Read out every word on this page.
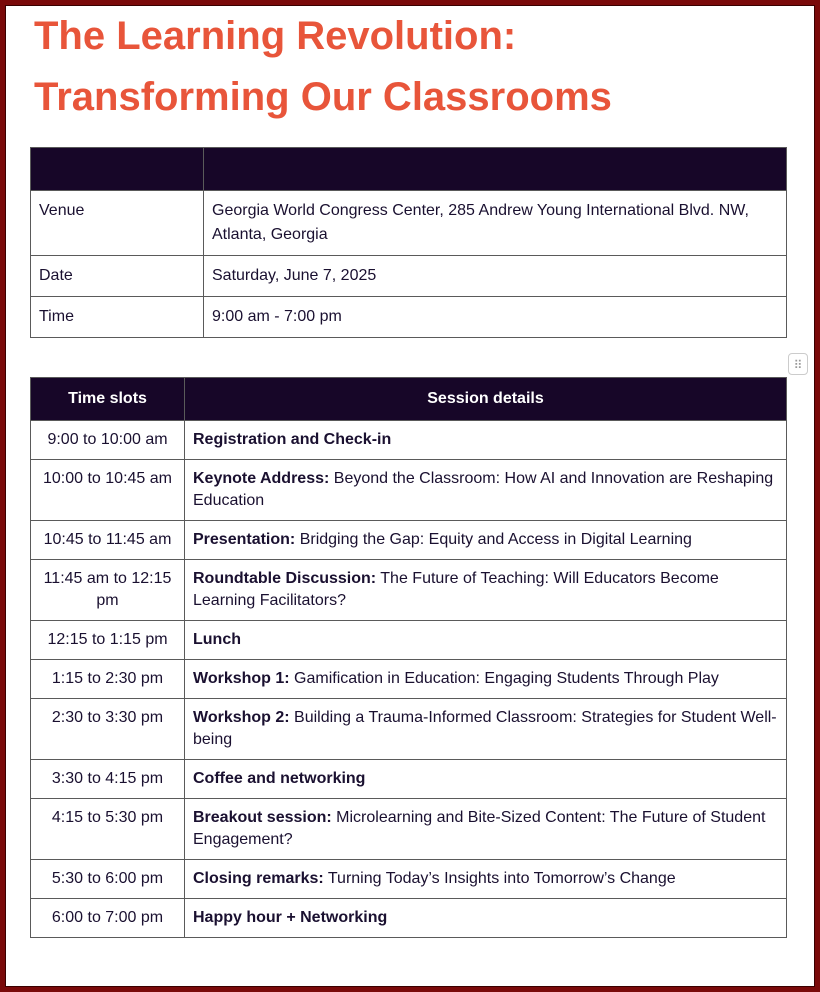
The Learning Revolution:
Transforming Our Classrooms

Venue	Georgia World Congress Center, 285 Andrew Young International Blvd. NW, Atlanta, Georgia
Date	Saturday, June 7, 2025
Time	9:00 am - 7:00 pm
⠿
Time slots	Session details
9:00 to 10:00 am	Registration and Check-in
10:00 to 10:45 am	Keynote Address: Beyond the Classroom: How AI and Innovation are Reshaping Education
10:45 to 11:45 am	Presentation: Bridging the Gap: Equity and Access in Digital Learning
11:45 am to 12:15 pm	Roundtable Discussion: The Future of Teaching: Will Educators Become Learning Facilitators?
12:15 to 1:15 pm	Lunch
1:15 to 2:30 pm	Workshop 1: Gamification in Education: Engaging Students Through Play
2:30 to 3:30 pm	Workshop 2: Building a Trauma-Informed Classroom: Strategies for Student Well-being
3:30 to 4:15 pm	Coffee and networking
4:15 to 5:30 pm	Breakout session: Microlearning and Bite-Sized Content: The Future of Student Engagement?
5:30 to 6:00 pm	Closing remarks: Turning Today’s Insights into Tomorrow’s Change
6:00 to 7:00 pm	Happy hour + Networking
